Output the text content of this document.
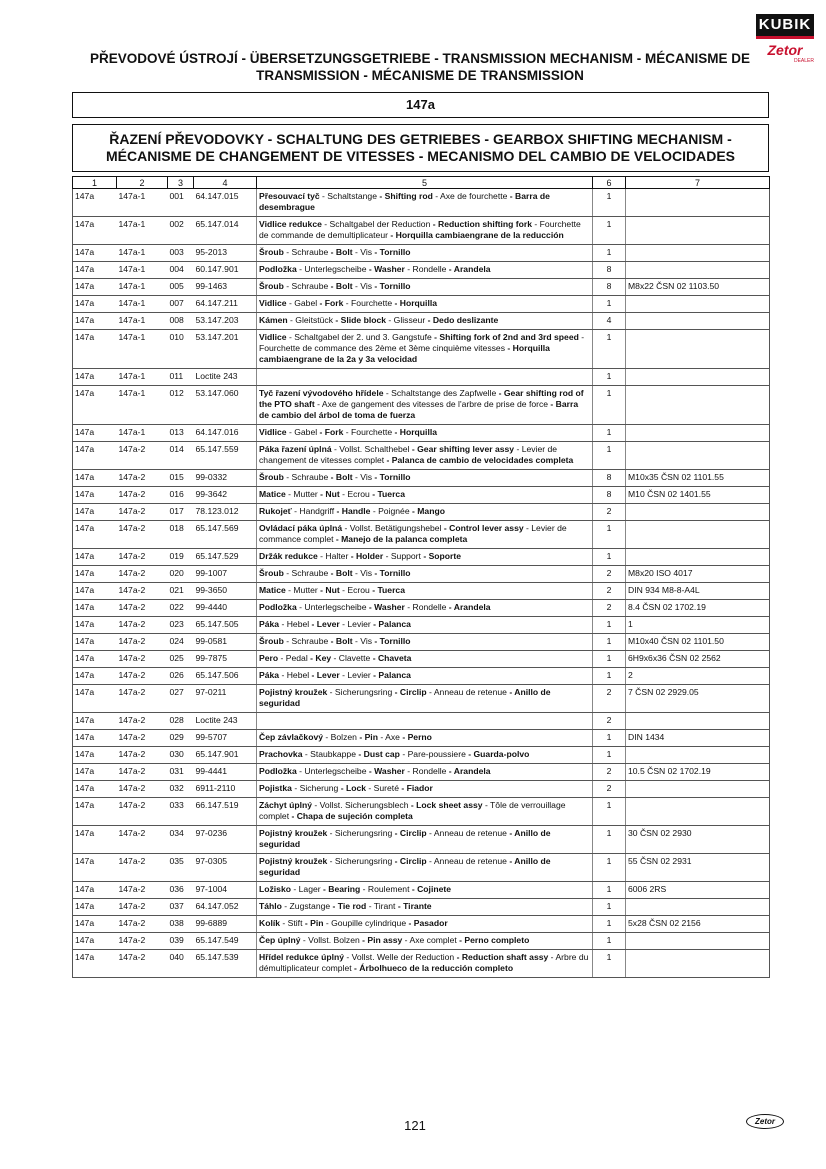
KUBIK
Zetor
DEALER
PŘEVODOVÉ ÚSTROJÍ - ÜBERSETZUNGSGETRIEBE - TRANSMISSION MECHANISM - MÉCANISME DE
TRANSMISSION - MÉCANISME DE TRANSMISSION
147a
ŘAZENÍ PŘEVODOVKY - SCHALTUNG DES GETRIEBES - GEARBOX SHIFTING MECHANISM -
MÉCANISME DE CHANGEMENT DE VITESSES - MECANISMO DEL CAMBIO DE VELOCIDADES
1	2	3	4	5	6	7
147a	147a-1	001	64.147.015	Přesouvací tyč - Schaltstange - Shifting rod - Axe de fourchette - Barra de desembrague	1	
147a	147a-1	002	65.147.014	Vidlice redukce - Schaltgabel der Reduction - Reduction shifting fork - Fourchette de commande de demultiplicateur - Horquilla cambiaengrane de la reducción	1	
147a	147a-1	003	95-2013	Šroub - Schraube - Bolt - Vis - Tornillo	1	
147a	147a-1	004	60.147.901	Podložka - Unterlegscheibe - Washer - Rondelle - Arandela	8	
147a	147a-1	005	99-1463	Šroub - Schraube - Bolt - Vis - Tornillo	8	M8x22 ČSN 02 1103.50
147a	147a-1	007	64.147.211	Vidlice - Gabel - Fork - Fourchette - Horquilla	1	
147a	147a-1	008	53.147.203	Kámen - Gleitstück - Slide block - Glisseur - Dedo deslizante	4	
147a	147a-1	010	53.147.201	Vidlice - Schaltgabel der 2. und 3. Gangstufe - Shifting fork of 2nd and 3rd speed - Fourchette de commance des 2ème et 3ème cinquième vitesses - Horquilla cambiaengrane de la 2a y 3a velocidad	1	
147a	147a-1	011	Loctite 243		1	
147a	147a-1	012	53.147.060	Tyč řazení vývodového hřídele - Schaltstange des Zapfwelle - Gear shifting rod of the PTO shaft - Axe de gangement des vitesses de l'arbre de prise de force - Barra de cambio del árbol de toma de fuerza	1	
147a	147a-1	013	64.147.016	Vidlice - Gabel - Fork - Fourchette - Horquilla	1	
147a	147a-2	014	65.147.559	Páka řazení úplná - Vollst. Schalthebel - Gear shifting lever assy - Levier de changement de vitesses complet - Palanca de cambio de velocidades completa	1	
147a	147a-2	015	99-0332	Šroub - Schraube - Bolt - Vis - Tornillo	8	M10x35 ČSN 02 1101.55
147a	147a-2	016	99-3642	Matice - Mutter - Nut - Ecrou - Tuerca	8	M10 ČSN 02 1401.55
147a	147a-2	017	78.123.012	Rukojeť - Handgriff - Handle - Poignée - Mango	2	
147a	147a-2	018	65.147.569	Ovládací páka úplná - Vollst. Betätigungshebel - Control lever assy - Levier de commance complet - Manejo de la palanca completa	1	
147a	147a-2	019	65.147.529	Držák redukce - Halter - Holder - Support - Soporte	1	
147a	147a-2	020	99-1007	Šroub - Schraube - Bolt - Vis - Tornillo	2	M8x20 ISO 4017
147a	147a-2	021	99-3650	Matice - Mutter - Nut - Ecrou - Tuerca	2	DIN 934 M8-8-A4L
147a	147a-2	022	99-4440	Podložka - Unterlegscheibe - Washer - Rondelle - Arandela	2	8.4 ČSN 02 1702.19
147a	147a-2	023	65.147.505	Páka - Hebel - Lever - Levier - Palanca	1	1
147a	147a-2	024	99-0581	Šroub - Schraube - Bolt - Vis - Tornillo	1	M10x40 ČSN 02 1101.50
147a	147a-2	025	99-7875	Pero - Pedal - Key - Clavette - Chaveta	1	6H9x6x36 ČSN 02 2562
147a	147a-2	026	65.147.506	Páka - Hebel - Lever - Levier - Palanca	1	2
147a	147a-2	027	97-0211	Pojistný kroužek - Sicherungsring - Circlip - Anneau de retenue - Anillo de seguridad	2	7 ČSN 02 2929.05
147a	147a-2	028	Loctite 243		2	
147a	147a-2	029	99-5707	Čep závlačkový - Bolzen - Pin - Axe - Perno	1	DIN 1434
147a	147a-2	030	65.147.901	Prachovka - Staubkappe - Dust cap - Pare-poussiere - Guarda-polvo	1	
147a	147a-2	031	99-4441	Podložka - Unterlegscheibe - Washer - Rondelle - Arandela	2	10.5 ČSN 02 1702.19
147a	147a-2	032	6911-2110	Pojistka - Sicherung - Lock - Sureté - Fiador	2	
147a	147a-2	033	66.147.519	Záchyt úplný - Vollst. Sicherungsblech - Lock sheet assy - Tôle de verrouillage complet - Chapa de sujeción completa	1	
147a	147a-2	034	97-0236	Pojistný kroužek - Sicherungsring - Circlip - Anneau de retenue - Anillo de seguridad	1	30 ČSN 02 2930
147a	147a-2	035	97-0305	Pojistný kroužek - Sicherungsring - Circlip - Anneau de retenue - Anillo de seguridad	1	55 ČSN 02 2931
147a	147a-2	036	97-1004	Ložisko - Lager - Bearing - Roulement - Cojinete	1	6006 2RS
147a	147a-2	037	64.147.052	Táhlo - Zugstange - Tie rod - Tirant - Tirante	1	
147a	147a-2	038	99-6889	Kolík - Stift - Pin - Goupille cylindrique - Pasador	1	5x28 ČSN 02 2156
147a	147a-2	039	65.147.549	Čep úplný - Vollst. Bolzen - Pin assy - Axe complet - Perno completo	1	
147a	147a-2	040	65.147.539	Hřídel redukce úplný - Vollst. Welle der Reduction - Reduction shaft assy - Arbre du démultiplicateur complet - Árbolhueco de la reducción completo	1	
121	Zetor
